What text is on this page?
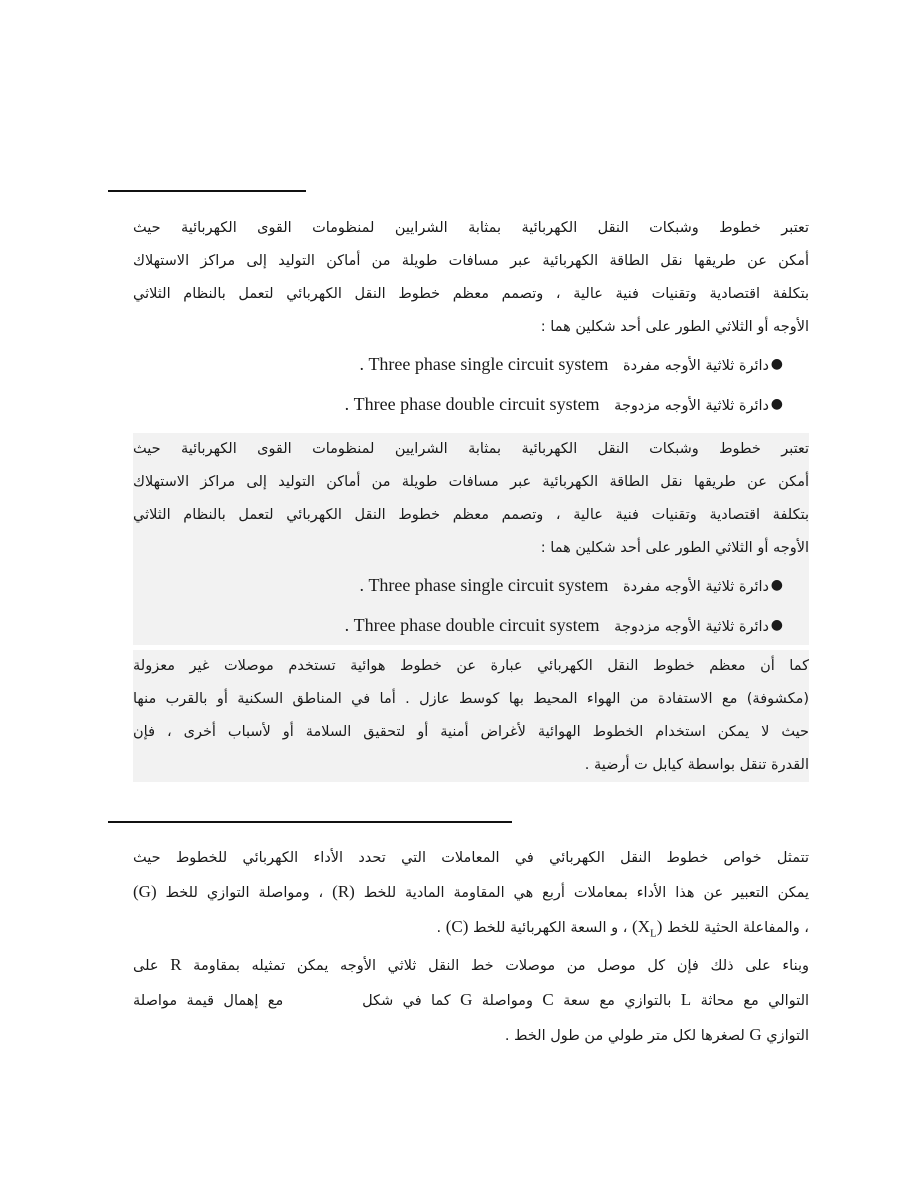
تعتبر خطوط وشبكات النقل الكهربائية بمثابة الشرايين لمنظومات القوى الكهربائية حيث
أمكن عن طريقها نقل الطاقة الكهربائية عبر مسافات طويلة من أماكن التوليد إلى مراكز الاستهلاك
بتكلفة اقتصادية وتقنيات فنية عالية ، وتصمم معظم خطوط النقل الكهربائي لتعمل بالنظام الثلاثي
الأوجه أو الثلاثي الطور على أحد شكلين هما :

●
دائرة ثلاثية الأوجه مفردة . Three phase single circuit system
●
دائرة ثلاثية الأوجه مزدوجة . Three phase double circuit system

تعتبر خطوط وشبكات النقل الكهربائية بمثابة الشرايين لمنظومات القوى الكهربائية حيث
أمكن عن طريقها نقل الطاقة الكهربائية عبر مسافات طويلة من أماكن التوليد إلى مراكز الاستهلاك
بتكلفة اقتصادية وتقنيات فنية عالية ، وتصمم معظم خطوط النقل الكهربائي لتعمل بالنظام الثلاثي
الأوجه أو الثلاثي الطور على أحد شكلين هما :

●
دائرة ثلاثية الأوجه مفردة . Three phase single circuit system
●
دائرة ثلاثية الأوجه مزدوجة . Three phase double circuit system

كما أن معظم خطوط النقل الكهربائي عبارة عن خطوط هوائية تستخدم موصلات غير معزولة
(مكشوفة) مع الاستفادة من الهواء المحيط بها كوسط عازل . أما في المناطق السكنية أو بالقرب منها
حيث لا يمكن استخدام الخطوط الهوائية لأغراض أمنية أو لتحقيق السلامة أو لأسباب أخرى ، فإن
القدرة تنقل بواسطة كيابل ت أرضية .

تتمثل خواص خطوط النقل الكهربائي في المعاملات التي تحدد الأداء الكهربائي للخطوط حيث
يمكن التعبير عن هذا الأداء بمعاملات أربع هي المقاومة المادية للخط (R) ، ومواصلة التوازي للخط (G)
، والمفاعلة الحثية للخط $(X_L)$ ، و السعة الكهربائية للخط (C) .

وبناء على ذلك فإن كل موصل من موصلات خط النقل ثلاثي الأوجه يمكن تمثيله بمقاومة R على
التوالي مع محاثة L بالتوازي مع سعة C ومواصلة G كما في شكل  مع إهمال قيمة مواصلة
التوازي G لصغرها لكل متر طولي من طول الخط .
